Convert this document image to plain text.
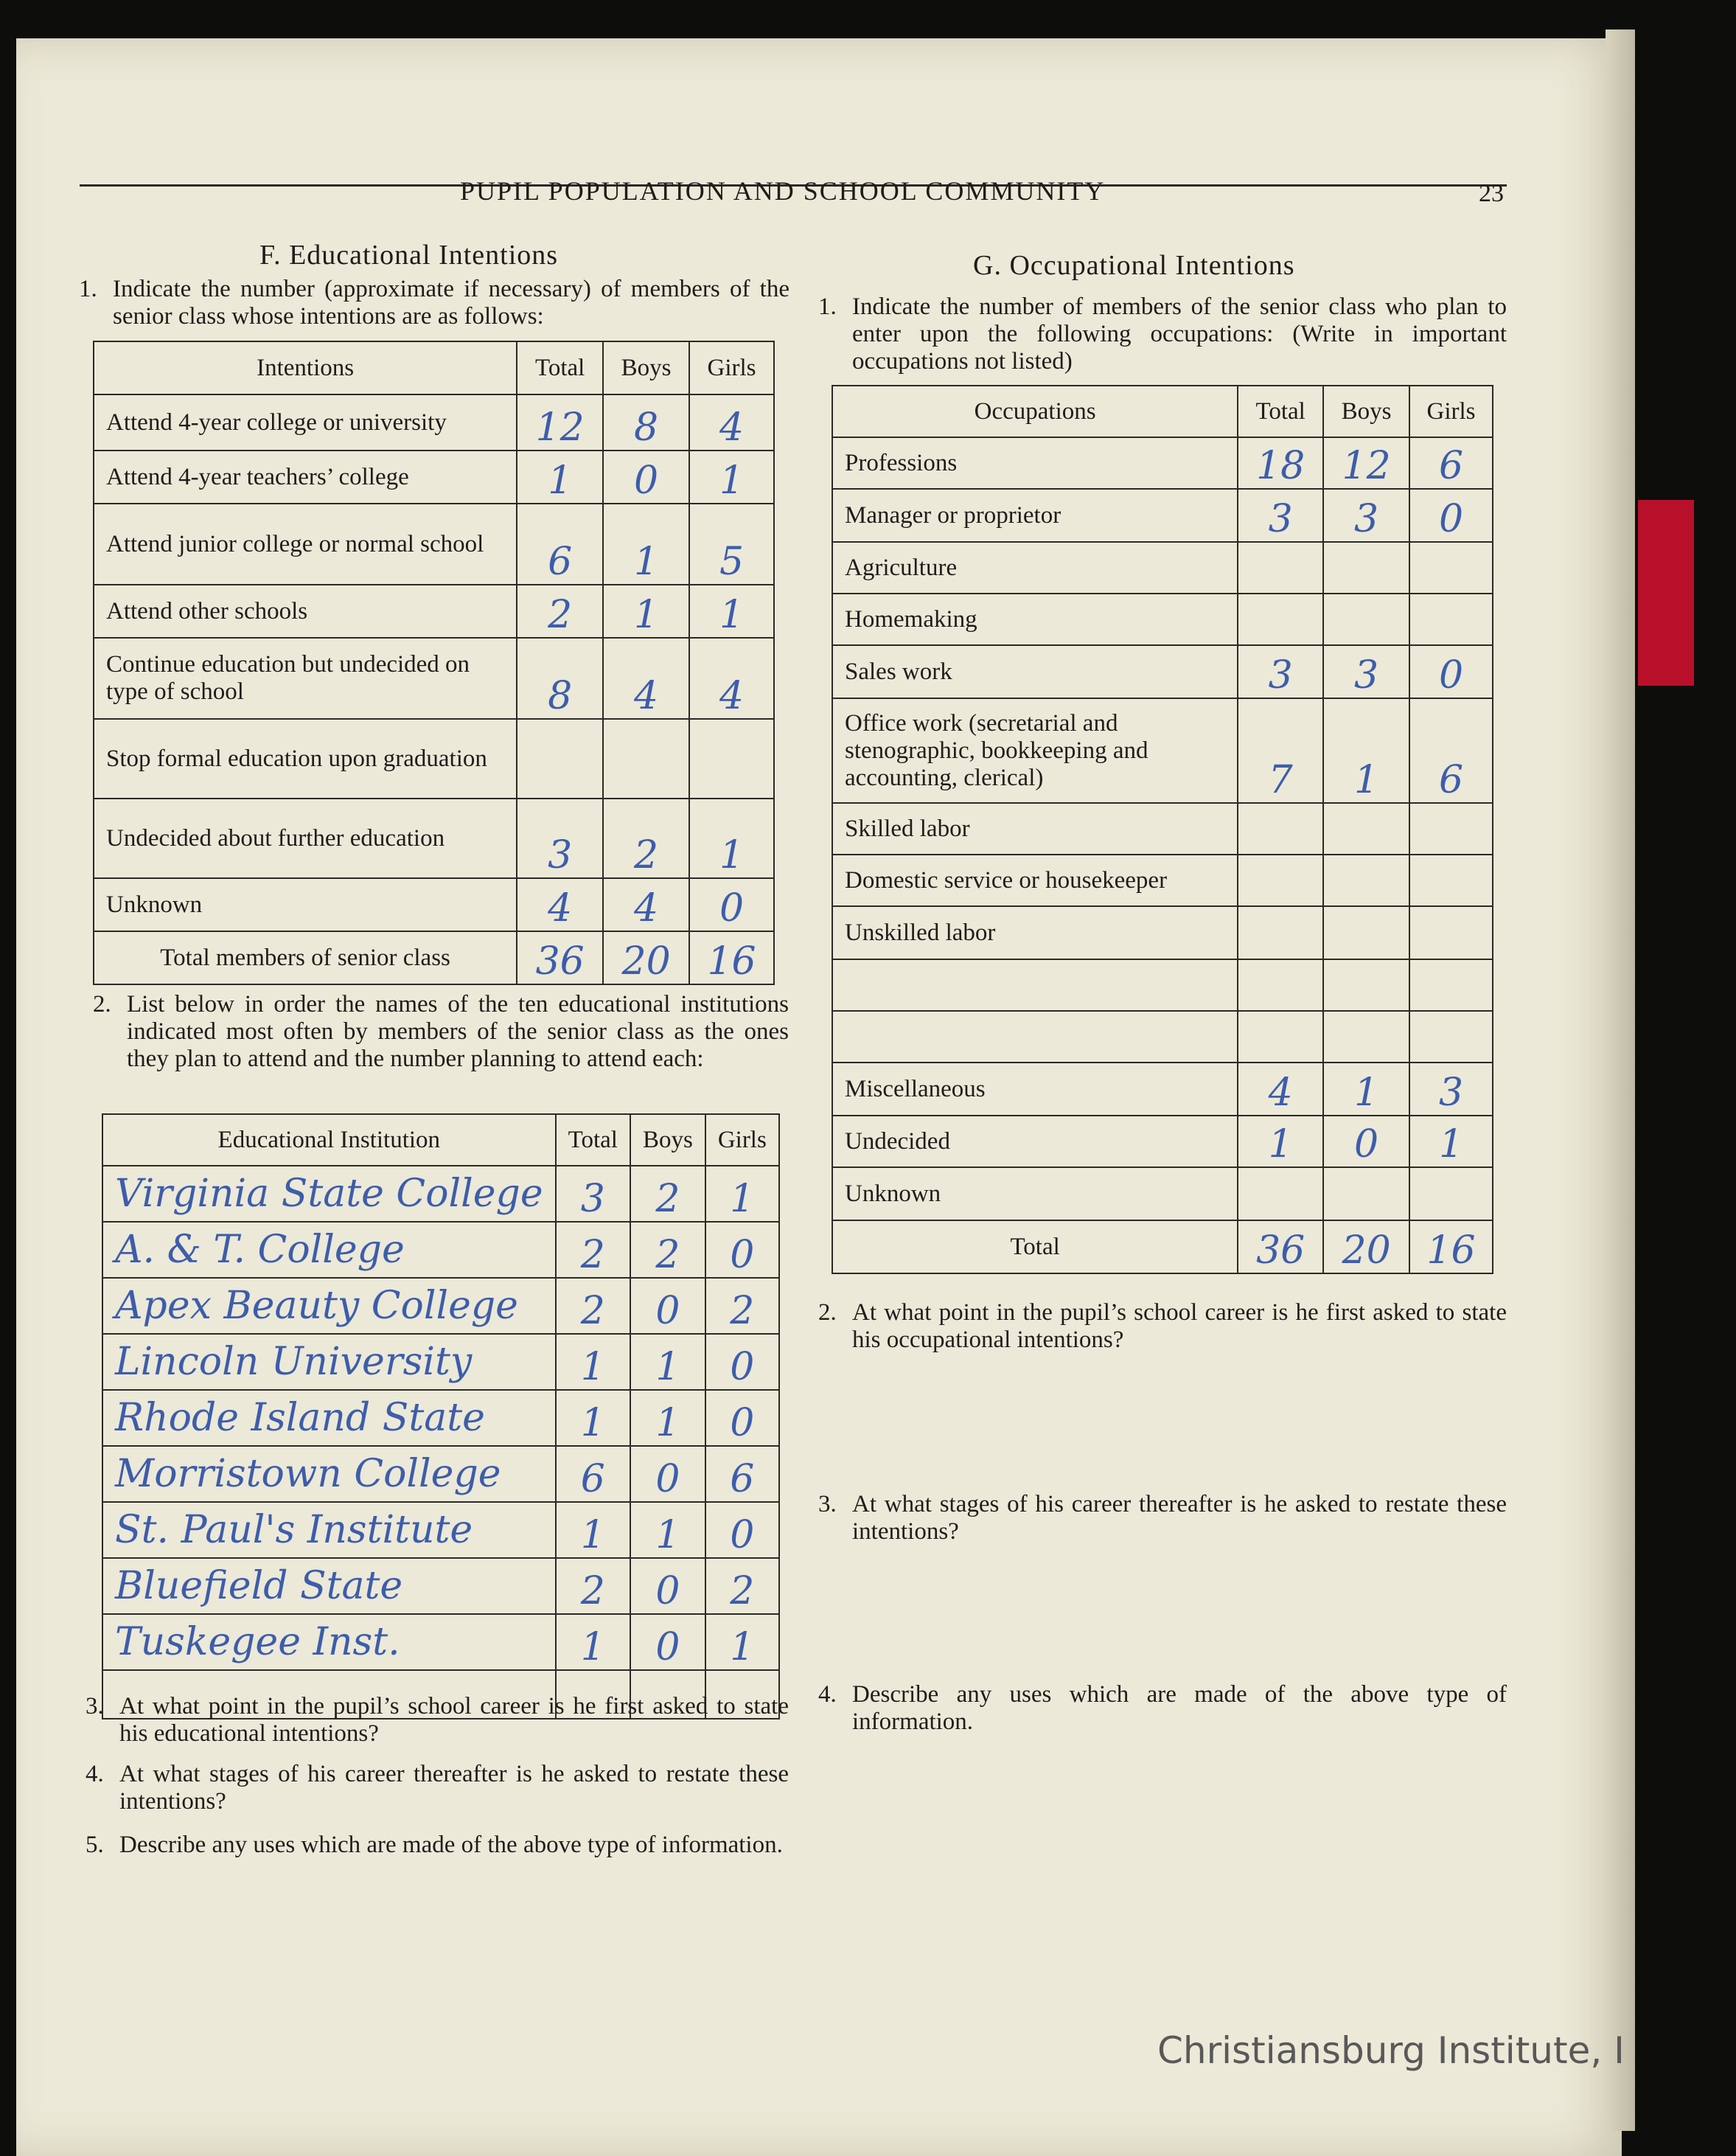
PUPIL POPULATION AND SCHOOL COMMUNITY	23
F. Educational Intentions
1. Indicate the number (approximate if necessary) of members of the senior class whose intentions are as follows:
Intentions	Total	Boys	Girls
Attend 4-year college or university	12	8	4
Attend 4-year teachers’ college	1	0	1
Attend junior college or normal school	6	1	5
Attend other schools	2	1	1
Continue education but undecided on type of school	8	4	4
Stop formal education upon graduation			
Undecided about further education	3	2	1
Unknown	4	4	0
Total members of senior class	36	20	16
2. List below in order the names of the ten educational institutions indicated most often by members of the senior class as the ones they plan to attend and the number planning to attend each:
Educational Institution	Total	Boys	Girls
Virginia State College	3	2	1
A. & T. College	2	2	0
Apex Beauty College	2	0	2
Lincoln University	1	1	0
Rhode Island State	1	1	0
Morristown College	6	0	6
St. Paul's Institute	1	1	0
Bluefield State	2	0	2
Tuskegee Inst.	1	0	1

3. At what point in the pupil’s school career is he first asked to state his educational intentions?
4. At what stages of his career thereafter is he asked to restate these intentions?
5. Describe any uses which are made of the above type of information.
G. Occupational Intentions
1. Indicate the number of members of the senior class who plan to enter upon the following occupations: (Write in important occupations not listed)
Occupations	Total	Boys	Girls
Professions	18	12	6
Manager or proprietor	3	3	0
Agriculture			
Homemaking			
Sales work	3	3	0
Office work (secretarial and stenographic, bookkeeping and accounting, clerical)	7	1	6
Skilled labor			
Domestic service or housekeeper			
Unskilled labor			

Miscellaneous	4	1	3
Undecided	1	0	1
Unknown			
Total	36	20	16
2. At what point in the pupil’s school career is he first asked to state his occupational intentions?
3. At what stages of his career thereafter is he asked to restate these intentions?
4. Describe any uses which are made of the above type of information.
Christiansburg Institute, I
